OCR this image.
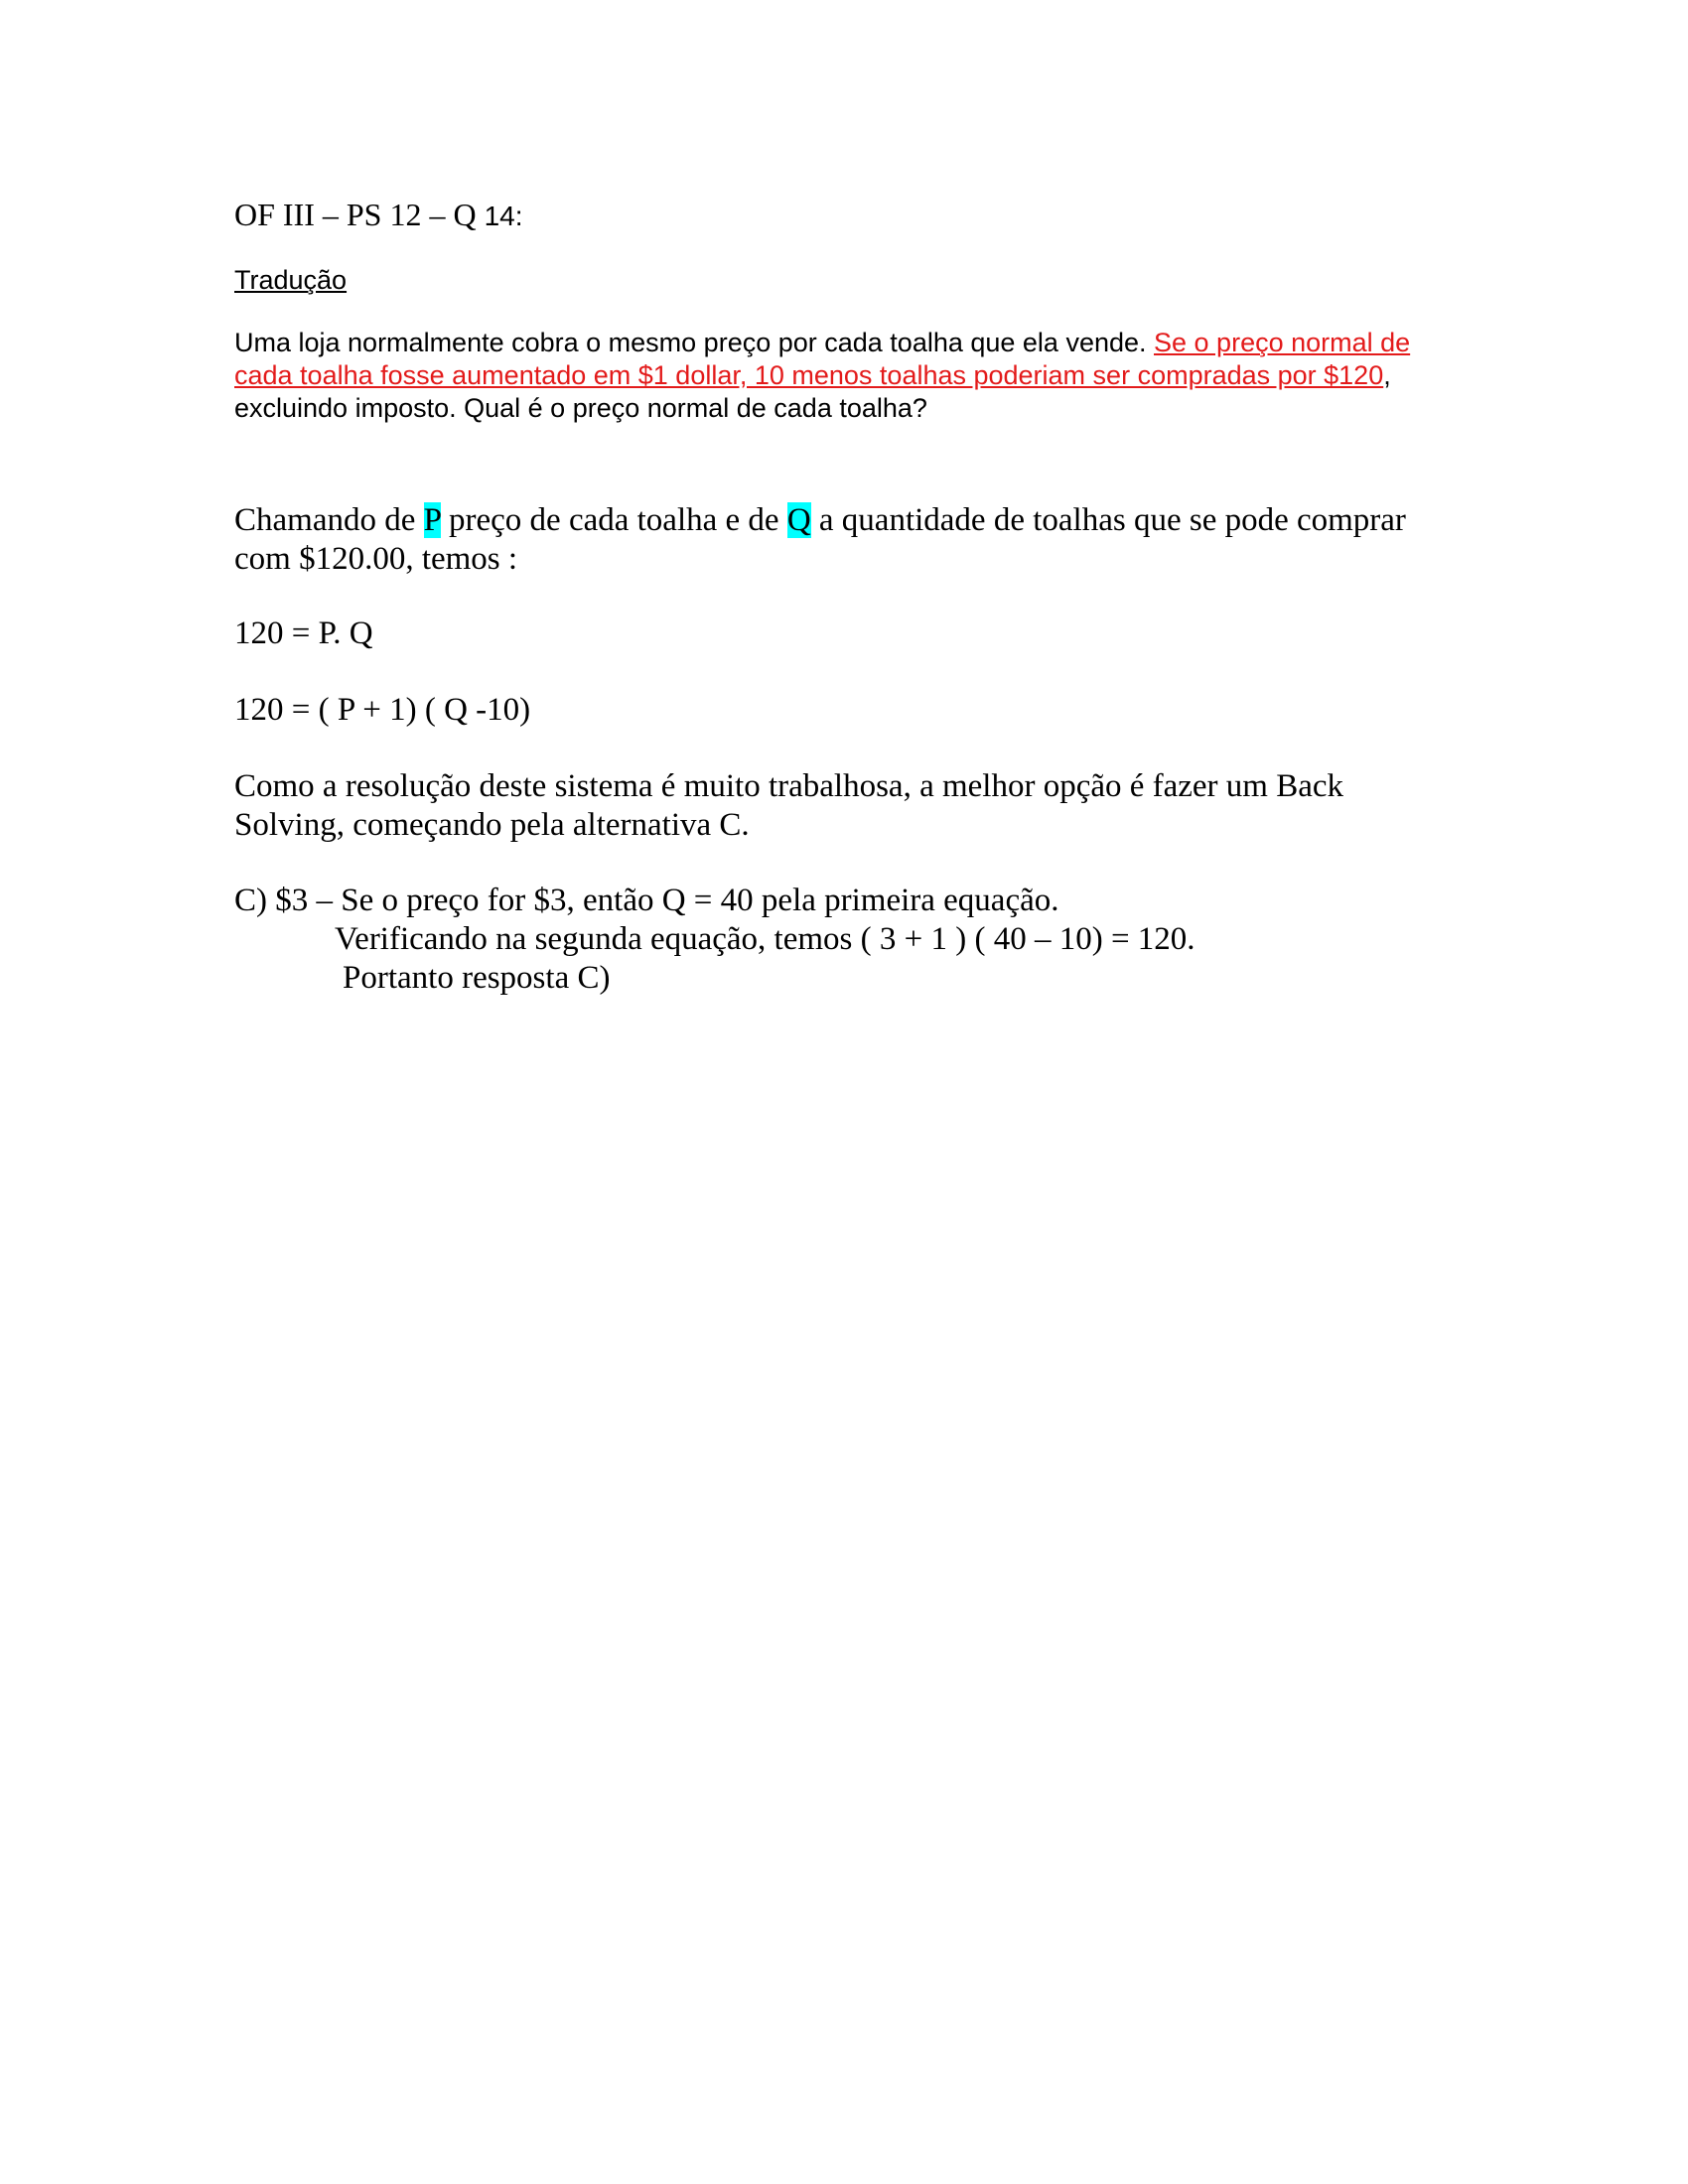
OF III – PS 12 – Q 14:

Tradução

Uma loja normalmente cobra o mesmo preço por cada toalha que ela vende. Se o preço normal de
cada toalha fosse aumentado em $1 dollar, 10 menos toalhas poderiam ser compradas por $120,
excluindo imposto. Qual é o preço normal de cada toalha?
Chamando de P preço de cada toalha e de Q a quantidade de toalhas que se pode comprar
com $120.00, temos :

120 = P. Q

120 = ( P + 1) ( Q -10)

Como a resolução deste sistema é muito trabalhosa, a melhor opção é fazer um Back
Solving, começando pela alternativa C.
C) $3 – Se o preço for $3, então Q = 40 pela primeira equação.
Verificando na segunda equação, temos ( 3 + 1 ) ( 40 – 10) = 120.
Portanto resposta C)
